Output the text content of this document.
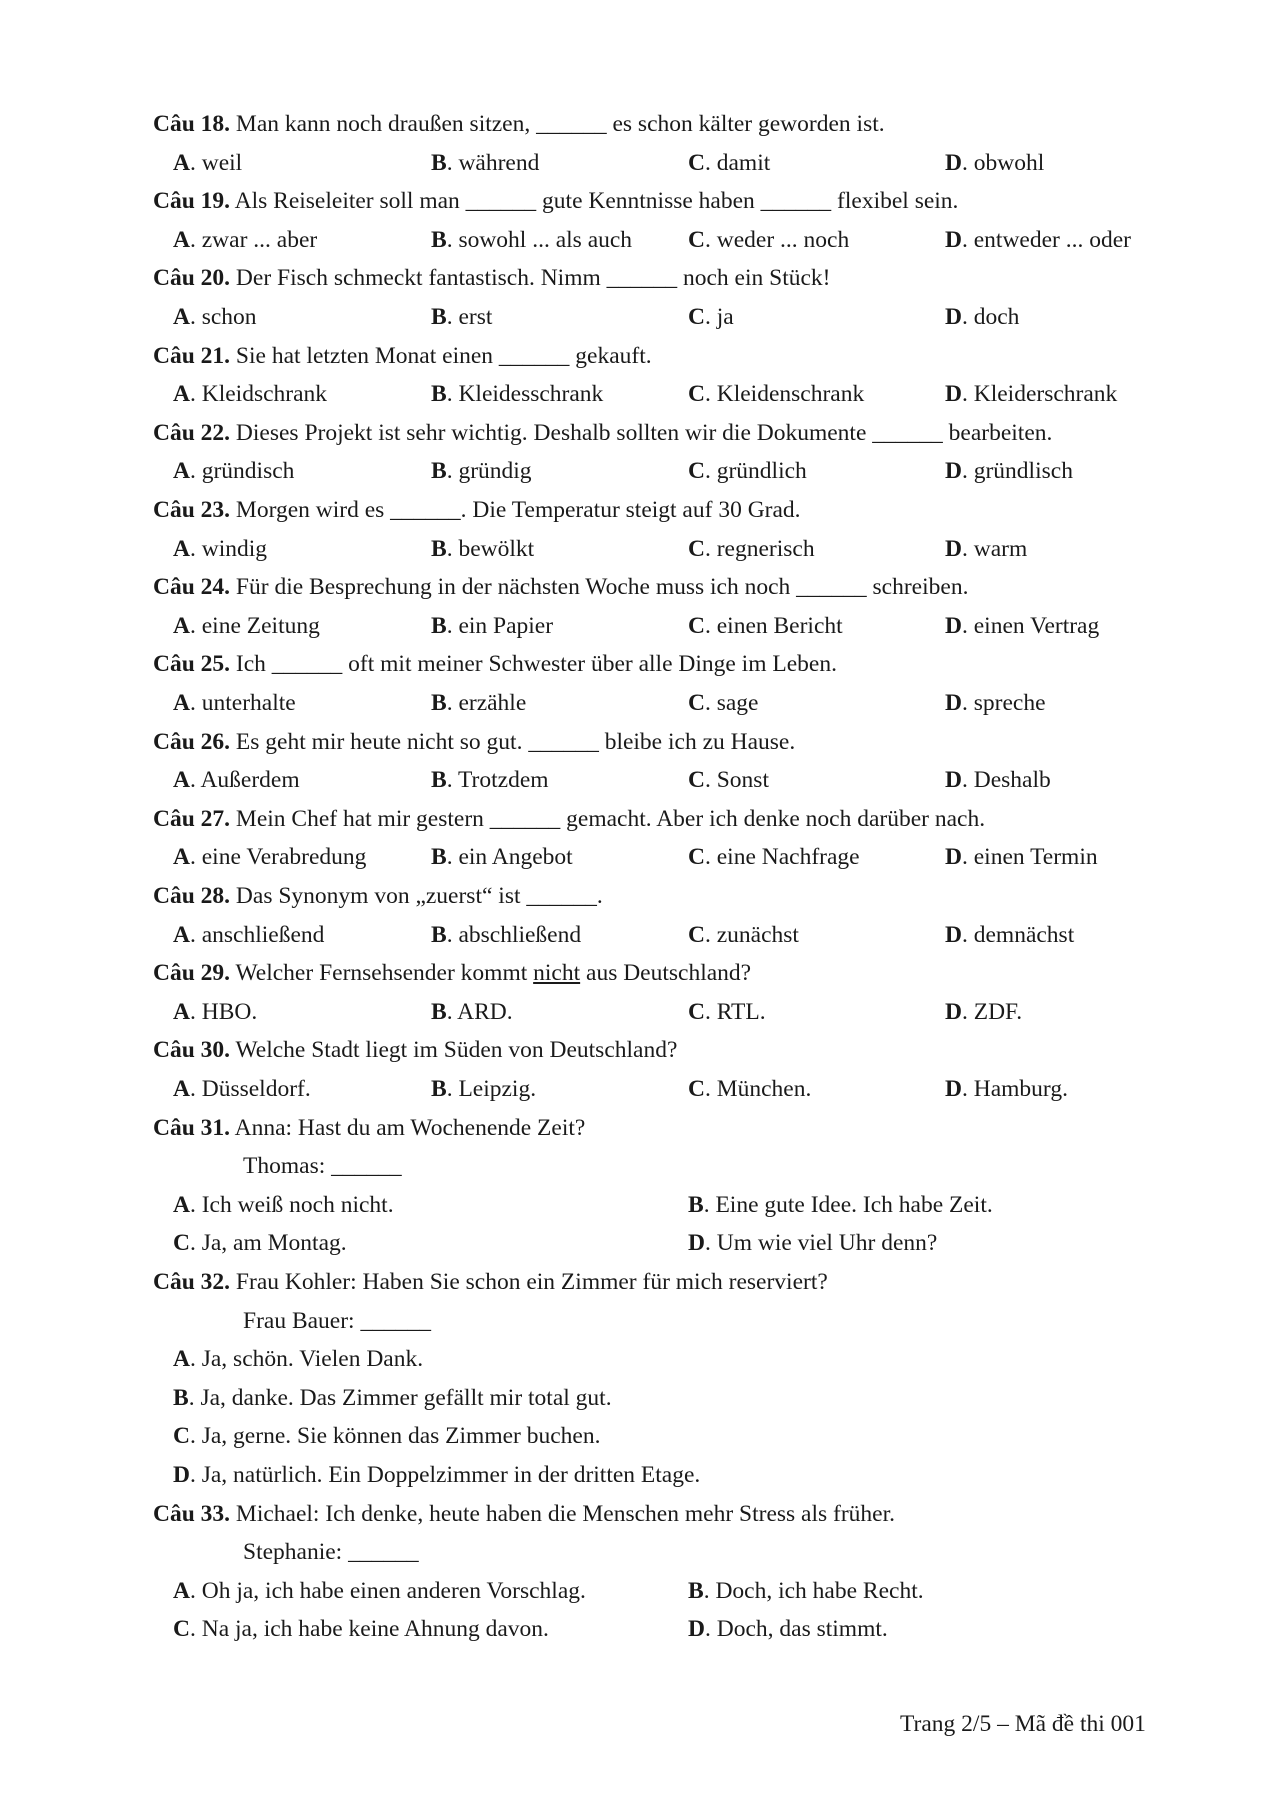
Trang 2/5 – Mã đề thi 001
Câu 18. Man kann noch draußen sitzen, ______ es schon kälter geworden ist.
A. weil	B. während	C. damit	D. obwohl
Câu 19. Als Reiseleiter soll man ______ gute Kenntnisse haben ______ flexibel sein.
A. zwar ... aber	B. sowohl ... als auch C. weder ... noch	D. entweder ... oder
Câu 20. Der Fisch schmeckt fantastisch. Nimm ______ noch ein Stück!
A. schon	B. erst	C. ja	D. doch
Câu 21. Sie hat letzten Monat einen ______ gekauft.
A. Kleidschrank	B. Kleidesschrank	C. Kleidenschrank	D. Kleiderschrank
Câu 22. Dieses Projekt ist sehr wichtig. Deshalb sollten wir die Dokumente ______ bearbeiten.
A. gründisch	B. gründig	C. gründlich	D. gründlisch
Câu 23. Morgen wird es ______. Die Temperatur steigt auf 30 Grad.
A. windig	B. bewölkt	C. regnerisch	D. warm
Câu 24. Für die Besprechung in der nächsten Woche muss ich noch ______ schreiben.
A. eine Zeitung	B. ein Papier	C. einen Bericht	D. einen Vertrag
Câu 25. Ich ______ oft mit meiner Schwester über alle Dinge im Leben.
A. unterhalte	B. erzähle	C. sage	D. spreche
Câu 26. Es geht mir heute nicht so gut. ______ bleibe ich zu Hause.
A. Außerdem	B. Trotzdem	C. Sonst	D. Deshalb
Câu 27. Mein Chef hat mir gestern ______ gemacht. Aber ich denke noch darüber nach.
A. eine Verabredung	B. ein Angebot	C. eine Nachfrage	D. einen Termin
Câu 28. Das Synonym von „zuerst“ ist ______.
A. anschließend	B. abschließend	C. zunächst	D. demnächst
Câu 29. Welcher Fernsehsender kommt nicht aus Deutschland?
A. HBO.	B. ARD.	C. RTL.	D. ZDF.
Câu 30. Welche Stadt liegt im Süden von Deutschland?
A. Düsseldorf.	B. Leipzig.	C. München.	D. Hamburg.
Câu 31. Anna: Hast du am Wochenende Zeit?
Thomas: ______
A. Ich weiß noch nicht.	B. Eine gute Idee. Ich habe Zeit.
C. Ja, am Montag.	D. Um wie viel Uhr denn?
Câu 32. Frau Kohler: Haben Sie schon ein Zimmer für mich reserviert?
Frau Bauer: ______
A. Ja, schön. Vielen Dank.
B. Ja, danke. Das Zimmer gefällt mir total gut.
C. Ja, gerne. Sie können das Zimmer buchen.
D. Ja, natürlich. Ein Doppelzimmer in der dritten Etage.
Câu 33. Michael: Ich denke, heute haben die Menschen mehr Stress als früher.
Stephanie: ______
A. Oh ja, ich habe einen anderen Vorschlag.	B. Doch, ich habe Recht.
C. Na ja, ich habe keine Ahnung davon.	D. Doch, das stimmt.
